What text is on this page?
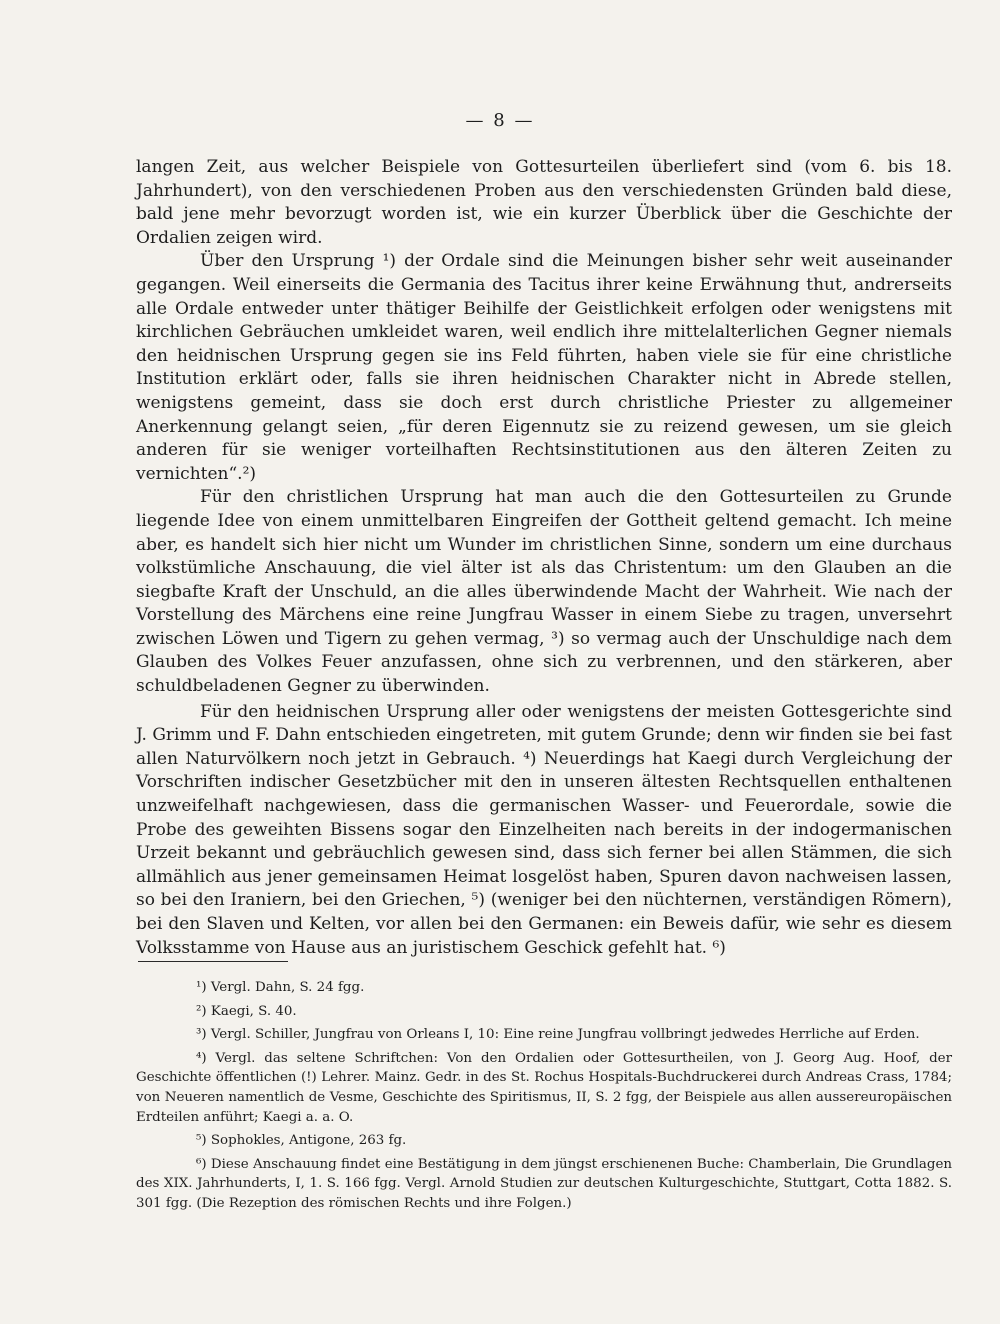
— 8 —

langen Zeit, aus welcher Beispiele von Gottesurteilen überliefert sind (vom 6. bis 18. Jahrhundert), von den verschiedenen Proben aus den verschiedensten Gründen bald diese, bald jene mehr bevorzugt worden ist, wie ein kurzer Überblick über die Geschichte der Ordalien zeigen wird.

Über den Ursprung ¹) der Ordale sind die Meinungen bisher sehr weit auseinander gegangen. Weil einerseits die Germania des Tacitus ihrer keine Erwähnung thut, andrerseits alle Ordale entweder unter thätiger Beihilfe der Geistlichkeit erfolgen oder wenigstens mit kirchlichen Gebräuchen umkleidet waren, weil endlich ihre mittelalterlichen Gegner niemals den heidnischen Ursprung gegen sie ins Feld führten, haben viele sie für eine christliche Institution erklärt oder, falls sie ihren heidnischen Charakter nicht in Abrede stellen, wenigstens gemeint, dass sie doch erst durch christliche Priester zu allgemeiner Anerkennung gelangt seien, „für deren Eigennutz sie zu reizend gewesen, um sie gleich anderen für sie weniger vorteilhaften Rechtsinstitutionen aus den älteren Zeiten zu vernichten“.²)

Für den christlichen Ursprung hat man auch die den Gottesurteilen zu Grunde liegende Idee von einem unmittelbaren Eingreifen der Gottheit geltend gemacht. Ich meine aber, es handelt sich hier nicht um Wunder im christlichen Sinne, sondern um eine durchaus volkstümliche Anschauung, die viel älter ist als das Christentum: um den Glauben an die siegbafte Kraft der Unschuld, an die alles überwindende Macht der Wahrheit. Wie nach der Vorstellung des Märchens eine reine Jungfrau Wasser in einem Siebe zu tragen, unversehrt zwischen Löwen und Tigern zu gehen vermag, ³) so vermag auch der Unschuldige nach dem Glauben des Volkes Feuer anzufassen, ohne sich zu verbrennen, und den stärkeren, aber schuldbeladenen Gegner zu überwinden.

Für den heidnischen Ursprung aller oder wenigstens der meisten Gottesgerichte sind J. Grimm und F. Dahn entschieden eingetreten, mit gutem Grunde; denn wir finden sie bei fast allen Naturvölkern noch jetzt in Gebrauch. ⁴) Neuerdings hat Kaegi durch Vergleichung der Vorschriften indischer Gesetzbücher mit den in unseren ältesten Rechtsquellen enthaltenen unzweifelhaft nachgewiesen, dass die germanischen Wasser- und Feuerordale, sowie die Probe des geweihten Bissens sogar den Einzelheiten nach bereits in der indogermanischen Urzeit bekannt und gebräuchlich gewesen sind, dass sich ferner bei allen Stämmen, die sich allmählich aus jener gemeinsamen Heimat losgelöst haben, Spuren davon nachweisen lassen, so bei den Iraniern, bei den Griechen, ⁵) (weniger bei den nüchternen, verständigen Römern), bei den Slaven und Kelten, vor allen bei den Germanen: ein Beweis dafür, wie sehr es diesem Volksstamme von Hause aus an juristischem Geschick gefehlt hat. ⁶)

¹) Vergl. Dahn, S. 24 fgg.

²) Kaegi, S. 40.

³) Vergl. Schiller, Jungfrau von Orleans I, 10: Eine reine Jungfrau vollbringt jedwedes Herrliche auf Erden.

⁴) Vergl. das seltene Schriftchen: Von den Ordalien oder Gottesurtheilen, von J. Georg Aug. Hoof, der Geschichte öffentlichen (!) Lehrer. Mainz. Gedr. in des St. Rochus Hospitals-Buchdruckerei durch Andreas Crass, 1784; von Neueren namentlich de Vesme, Geschichte des Spiritismus, II, S. 2 fgg, der Beispiele aus allen aussereuropäischen Erdteilen anführt; Kaegi a. a. O.

⁵) Sophokles, Antigone, 263 fg.

⁶) Diese Anschauung findet eine Bestätigung in dem jüngst erschienenen Buche: Chamberlain, Die Grundlagen des XIX. Jahrhunderts, I, 1. S. 166 fgg. Vergl. Arnold Studien zur deutschen Kulturgeschichte, Stuttgart, Cotta 1882. S. 301 fgg. (Die Rezeption des römischen Rechts und ihre Folgen.)
